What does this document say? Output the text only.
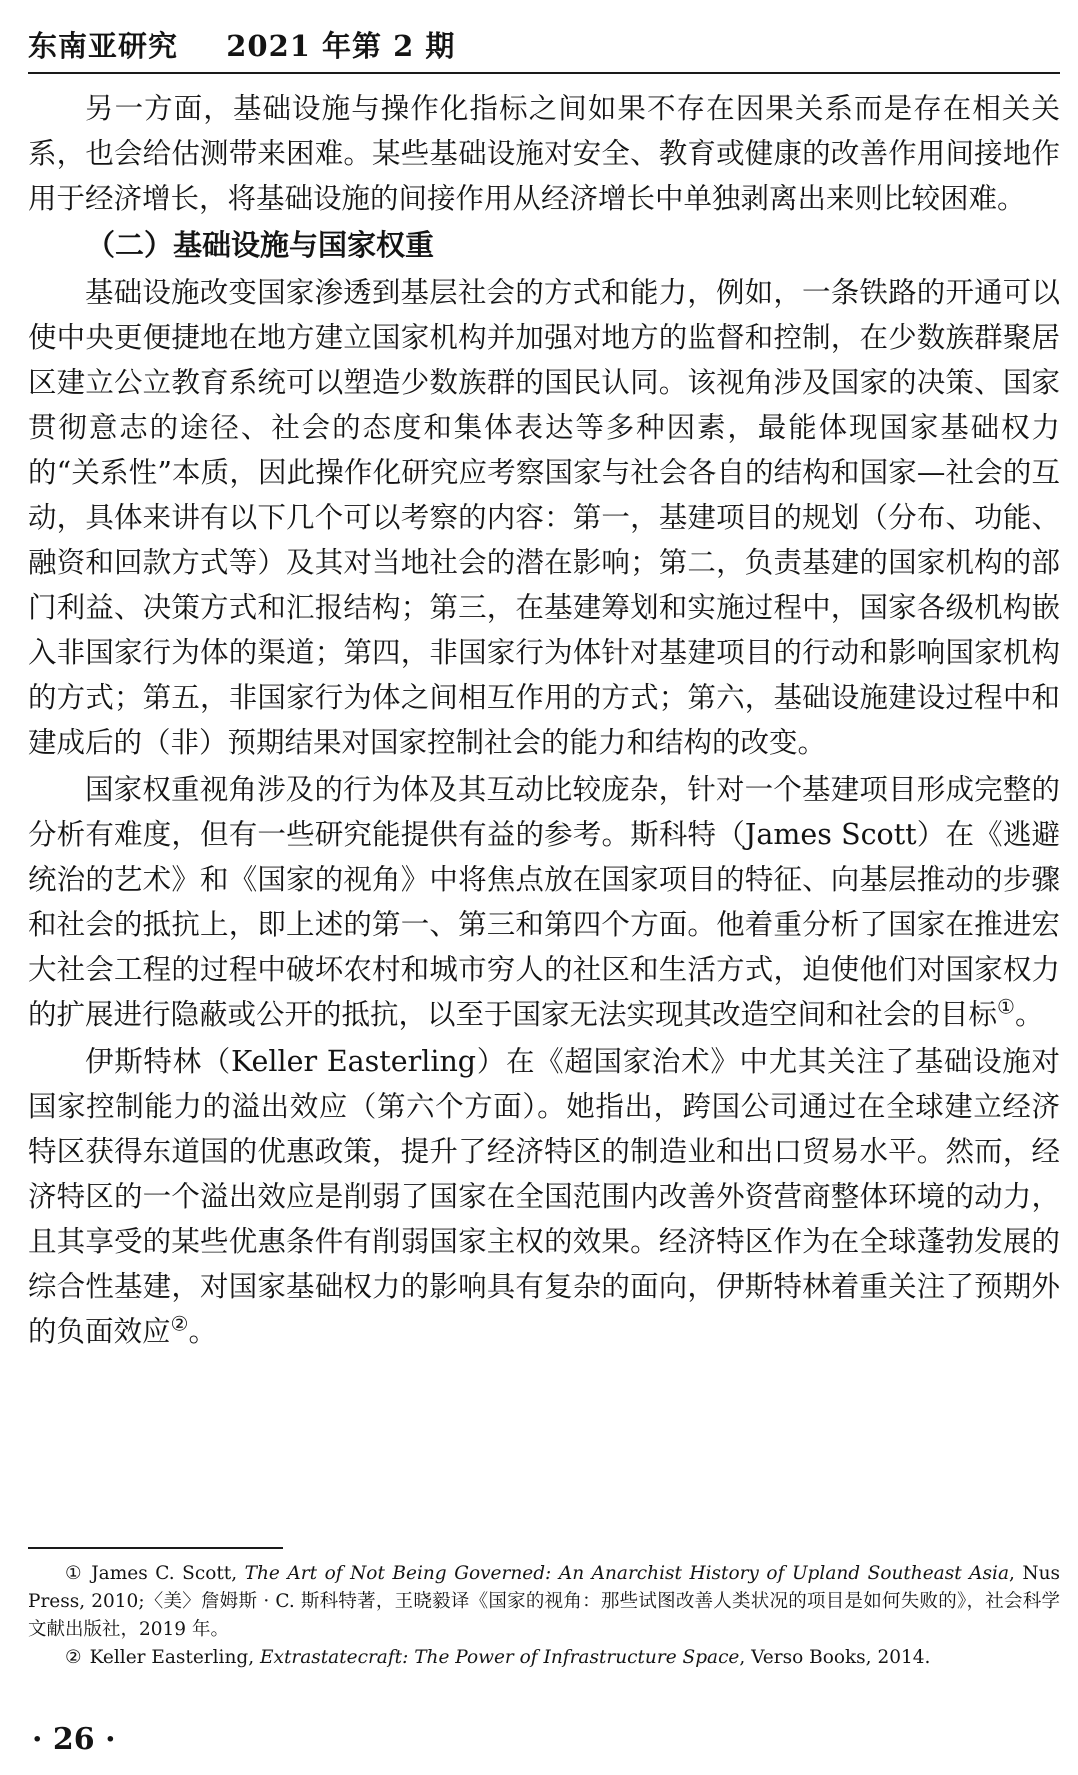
东南亚研究 2021 年第 2 期

另一方面，基础设施与操作化指标之间如果不存在因果关系而是存在相关关系，也会给估测带来困难。某些基础设施对安全、教育或健康的改善作用间接地作用于经济增长，将基础设施的间接作用从经济增长中单独剥离出来则比较困难。

（二）基础设施与国家权重

基础设施改变国家渗透到基层社会的方式和能力，例如，一条铁路的开通可以使中央更便捷地在地方建立国家机构并加强对地方的监督和控制，在少数族群聚居区建立公立教育系统可以塑造少数族群的国民认同。该视角涉及国家的决策、国家贯彻意志的途径、社会的态度和集体表达等多种因素，最能体现国家基础权力的“关系性”本质，因此操作化研究应考察国家与社会各自的结构和国家—社会的互动，具体来讲有以下几个可以考察的内容：第一，基建项目的规划（分布、功能、融资和回款方式等）及其对当地社会的潜在影响；第二，负责基建的国家机构的部门利益、决策方式和汇报结构；第三，在基建筹划和实施过程中，国家各级机构嵌入非国家行为体的渠道；第四，非国家行为体针对基建项目的行动和影响国家机构的方式；第五，非国家行为体之间相互作用的方式；第六，基础设施建设过程中和建成后的（非）预期结果对国家控制社会的能力和结构的改变。

国家权重视角涉及的行为体及其互动比较庞杂，针对一个基建项目形成完整的分析有难度，但有一些研究能提供有益的参考。斯科特（James Scott）在《逃避统治的艺术》和《国家的视角》中将焦点放在国家项目的特征、向基层推动的步骤和社会的抵抗上，即上述的第一、第三和第四个方面。他着重分析了国家在推进宏大社会工程的过程中破坏农村和城市穷人的社区和生活方式，迫使他们对国家权力的扩展进行隐蔽或公开的抵抗，以至于国家无法实现其改造空间和社会的目标①。

伊斯特林（Keller Easterling）在《超国家治术》中尤其关注了基础设施对国家控制能力的溢出效应（第六个方面）。她指出，跨国公司通过在全球建立经济特区获得东道国的优惠政策，提升了经济特区的制造业和出口贸易水平。然而，经济特区的一个溢出效应是削弱了国家在全国范围内改善外资营商整体环境的动力，且其享受的某些优惠条件有削弱国家主权的效果。经济特区作为在全球蓬勃发展的综合性基建，对国家基础权力的影响具有复杂的面向，伊斯特林着重关注了预期外的负面效应②。

① James C. Scott, The Art of Not Being Governed: An Anarchist History of Upland Southeast Asia, Nus Press, 2010;〈美〉詹姆斯 · C. 斯科特著，王晓毅译《国家的视角：那些试图改善人类状况的项目是如何失败的》，社会科学文献出版社，2019 年。

② Keller Easterling, Extrastatecraft: The Power of Infrastructure Space, Verso Books, 2014.

· 26 ·
